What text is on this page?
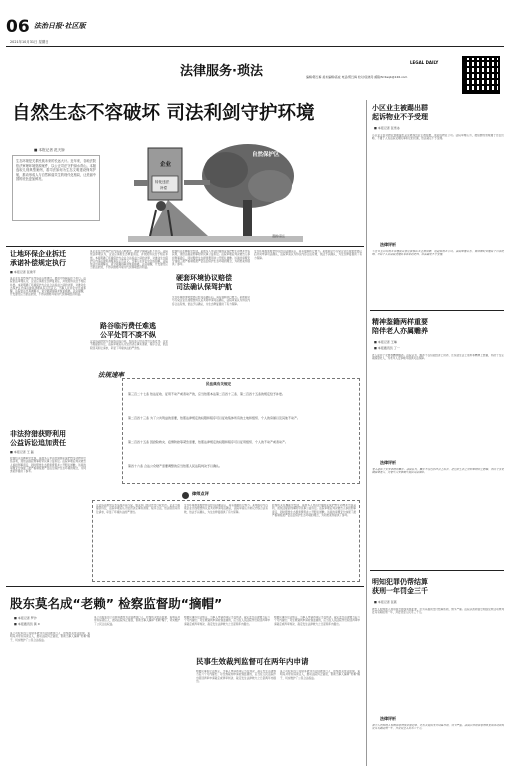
06 法治日报·社区版
2021年10月31日 星期日
法律服务·琐法
LEGAL DAILY
编辑/陈红梅 美术编辑/高成 电话/陈红梅 校对/张晓丹 邮箱/fzrbsqb@126.com
自然生态不容破坏 司法利剑守护环境
■ 本报记者 范天娇
生态环境是关系民族未来的长远大计。近年来，各地法院依法审理环境资源案件，以公正司法守护绿水青山。本版选取几则典型案例，看司法如何为生态文明建设保驾护航，推动形成人与自然和谐共生的现代化格局，让美丽中国的底色更加鲜亮。
自然保护区
企业
转化违法
补偿
漫画/高岳
让地环保企业拆迁
承诺补偿规定执行
■ 本报记者 张建平
某企业在自然保护区内违法占地建设，被责令拆除后拒不执行。法院依法审理认为，企业应承担生态修复责任，并依照协议给予相应补偿。本案明确了环境保护与企业合法权益之间的边界，对推动生态保护区内违法建筑清理具有示范意义。当事人在诉讼中达成和解，法院依法出具调解书，责令限期拆除并恢复植被。法官提醒，开发建设应当依法依规，不得以牺牲环境为代价换取经济利益。
某企业在自然保护区内违法占地建设，被责令拆除后拒不执行。法院依法审理认为，企业应承担生态修复责任，并依照协议给予相应补偿。本案明确了环境保护与企业合法权益之间的边界，对推动生态保护区内违法建筑清理具有示范意义。当事人在诉讼中达成和解，法院依法出具调解书，责令限期拆除并恢复植被。法官提醒，开发建设应当依法依规，不得以牺牲环境为代价换取经济利益。
检察机关在履职中发现，某地多人非法狩猎国家保护野生动物并出售获利，遂依法提起刑事附带民事公益诉讼。法院审理后判决被告人承担刑事责任，同时赔偿生态损害费用并公开赔礼道歉。该案的审理充分体现了最严格制度最严密法治保护生态环境的理念，为同类案件提供了参考。
硬套环境协议赔偿
司法确认保驾护航
生态环境损害赔偿协议经司法确认后，具有强制执行效力。某地政府与污染企业达成赔偿协议后共同申请司法确认，法院审查认为协议内容合法有效，依法予以确认，为生态修复提供了有力保障。
生态环境损害赔偿协议经司法确认后，具有强制执行效力。某地政府与污染企业达成赔偿协议后共同申请司法确认，法院审查认为协议内容合法有效，依法予以确认，为生态修复提供了有力保障。
企业违法排放污水造成河流污染，相关部门依法作出行政处罚。企业不服提起诉讼，法院审理后认为处罚决定事实清楚、程序合法，依法驳回其诉讼请求，彰显了环境执法的严肃性。
路谷临污费任难逃
公平处罚不凑不纵
非法狩猎获野利用
公益诉讼追加责任
■ 本报记者 王 磊
检察机关在履职中发现，某地多人非法狩猎国家保护野生动物并出售获利，遂依法提起刑事附带民事公益诉讼。法院审理后判决被告人承担刑事责任，同时赔偿生态损害费用并公开赔礼道歉。该案的审理充分体现了最严格制度最严密法治保护生态环境的理念，为同类案件提供了参考。
法规速率
民法典有关规定
第三百二十七条 依法征收、征用不动产或者动产的，应当依照本法第二百四十三条、第二百四十五条的规定给予补偿。
第二百四十三条 为了公共利益的需要，依照法律规定的权限和程序可以征收集体所有的土地和组织、个人的房屋以及其他不动产。
第二百四十五条 因抢险救灾、疫情防控等紧急需要，依照法律规定的权限和程序可以征用组织、个人的不动产或者动产。
第四十六条 合法公众财产需要调整的应当依照人民法院判决予以确认。
律师点评
企业违法排放污水造成河流污染，相关部门依法作出行政处罚。企业不服提起诉讼，法院审理后认为处罚决定事实清楚、程序合法，依法驳回其诉讼请求，彰显了环境执法的严肃性。
生态环境损害赔偿协议经司法确认后，具有强制执行效力。某地政府与污染企业达成赔偿协议后共同申请司法确认，法院审查认为协议内容合法有效，依法予以确认，为生态修复提供了有力保障。
检察机关在履职中发现，某地多人非法狩猎国家保护野生动物并出售获利，遂依法提起刑事附带民事公益诉讼。法院审理后判决被告人承担刑事责任，同时赔偿生态损害费用并公开赔礼道歉。该案的审理充分体现了最严格制度最严密法治保护生态环境的理念，为同类案件提供了参考。
股东莫名成“老赖” 检察监督助“摘帽”
■ 本报记者 罗沙
■ 本报通讯员 黄 X
某公司股东因公司债务被列为失信被执行人，检察机关依法监督，查明其并非实际责任人，推动法院纠正错误，帮助当事人摘掉“老赖”帽子，切实维护了公民合法权益。
某公司股东因公司债务被列为失信被执行人，检察机关依法监督，查明其并非实际责任人，推动法院纠正错误，帮助当事人摘掉“老赖”帽子，切实维护了公民合法权益。
根据民事诉讼法规定，当事人申请再审应当在判决、裁定发生法律效力后六个月内提出；对生效裁判申请检察监督的，应当在人民法院作出驳回再审申请裁定或再审判决、裁定发生法律效力之日起两年内提出。
民事生效裁判监督可在两年内申请
根据民事诉讼法规定，当事人申请再审应当在判决、裁定发生法律效力后六个月内提出；对生效裁判申请检察监督的，应当在人民法院作出驳回再审申请裁定或再审判决、裁定发生法律效力之日起两年内提出。
根据民事诉讼法规定，当事人申请再审应当在判决、裁定发生法律效力后六个月内提出；对生效裁判申请检察监督的，应当在人民法院作出驳回再审申请裁定或再审判决、裁定发生法律效力之日起两年内提出。
某公司股东因公司债务被列为失信被执行人，检察机关依法监督，查明其并非实际责任人，推动法院纠正错误，帮助当事人摘掉“老赖”帽子，切实维护了公民合法权益。
小区业主被踢出群
起诉物业不予受理
■ 本报记者 张雪冰
小区业主因对物业管理提出意见被移出业主微信群，遂起诉物业公司。法院审理认为，微信群的管理属于自治范畴，不属于人民法院受理民事诉讼的范围，依法裁定不予受理。
法律评析
小区业主因对物业管理提出意见被移出业主微信群，遂起诉物业公司。法院审理认为，微信群的管理属于自治范畴，不属于人民法院受理民事诉讼的范围，依法裁定不予受理。
精神鉴籍两样重要
陪伴老人亦属赡养
■ 本报记者 王琳
■ 本报通讯员 丁一
老人起诉子女要求精神赡养。法院认为，赡养不仅包括经济上供养，还包括生活上照料和精神上慰藉，判决子女定期探望老人，为老年人安享晚年提供司法保障。
法律评析
老人起诉子女要求精神赡养。法院认为，赡养不仅包括经济上供养，还包括生活上照料和精神上慰藉，判决子女定期探望老人，为老年人安享晚年提供司法保障。
明知犯罪仍帮结算
获刑一年罚金三千
■ 本报记者 张燕
被告人明知他人利用信息网络实施犯罪，仍为其提供支付结算帮助，情节严重。法院以帮助信息网络犯罪活动罪判处其有期徒刑一年，并处罚金人民币三千元。
法律评析
被告人明知他人利用信息网络实施犯罪，仍为其提供支付结算帮助，情节严重。法院以帮助信息网络犯罪活动罪判处其有期徒刑一年，并处罚金人民币三千元。
